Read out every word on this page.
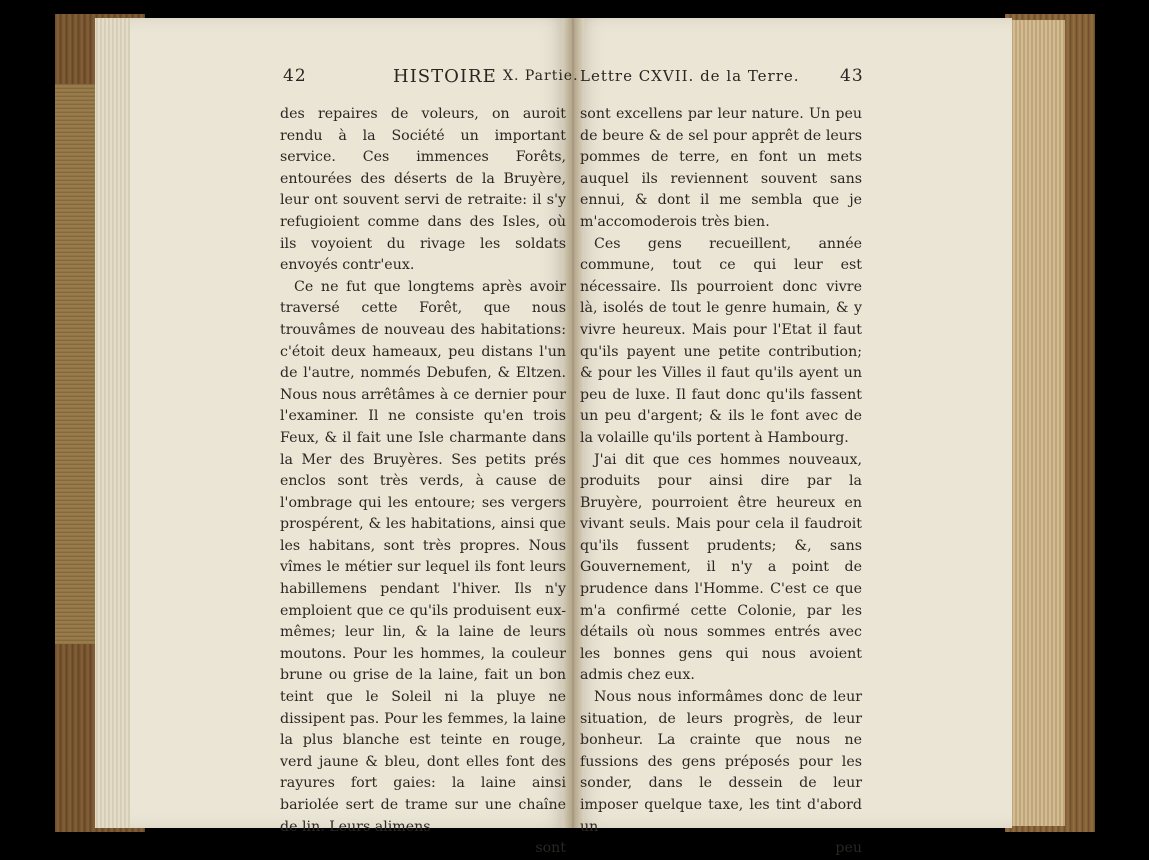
42	HISTOIRE X. Partie. Lettre CXVII. de la Terre. 43

des repaires de voleurs, on auroit rendu à la Société un important service. Ces immences Forêts, entourées des déserts de la Bruyère, leur ont souvent servi de retraite: il s'y refugioient comme dans des Isles, où ils voyoient du rivage les soldats envoyés contr'eux.

Ce ne fut que longtems après avoir traversé cette Forêt, que nous trouvâmes de nouveau des habitations: c'étoit deux hameaux, peu distans l'un de l'autre, nommés Debufen, & Eltzen. Nous nous arrêtâmes à ce dernier pour l'examiner. Il ne consiste qu'en trois Feux, & il fait une Isle charmante dans la Mer des Bruyères. Ses petits prés enclos sont très verds, à cause de l'ombrage qui les entoure; ses vergers prospérent, & les habitations, ainsi que les habitans, sont très propres. Nous vîmes le métier sur lequel ils font leurs habillemens pendant l'hiver. Ils n'y emploient que ce qu'ils produisent eux-mêmes; leur lin, & la laine de leurs moutons. Pour les hommes, la couleur brune ou grise de la laine, fait un bon teint que le Soleil ni la pluye ne dissipent pas. Pour les femmes, la laine la plus blanche est teinte en rouge, verd jaune & bleu, dont elles font des rayures fort gaies: la laine ainsi bariolée sert de trame sur une chaîne de lin. Leurs alimens

sont

sont excellens par leur nature. Un peu de beure & de sel pour apprêt de leurs pommes de terre, en font un mets auquel ils reviennent souvent sans ennui, & dont il me sembla que je m'accomoderois très bien.

Ces gens recueillent, année commune, tout ce qui leur est nécessaire. Ils pourroient donc vivre là, isolés de tout le genre humain, & y vivre heureux. Mais pour l'Etat il faut qu'ils payent une petite contribution; & pour les Villes il faut qu'ils ayent un peu de luxe. Il faut donc qu'ils fassent un peu d'argent; & ils le font avec de la volaille qu'ils portent à Hambourg.

J'ai dit que ces hommes nouveaux, produits pour ainsi dire par la Bruyère, pourroient être heureux en vivant seuls. Mais pour cela il faudroit qu'ils fussent prudents; &, sans Gouvernement, il n'y a point de prudence dans l'Homme. C'est ce que m'a confirmé cette Colonie, par les détails où nous sommes entrés avec les bonnes gens qui nous avoient admis chez eux.

Nous nous informâmes donc de leur situation, de leurs progrès, de leur bonheur. La crainte que nous ne fussions des gens préposés pour les sonder, dans le dessein de leur imposer quelque taxe, les tint d'abord un

peu
